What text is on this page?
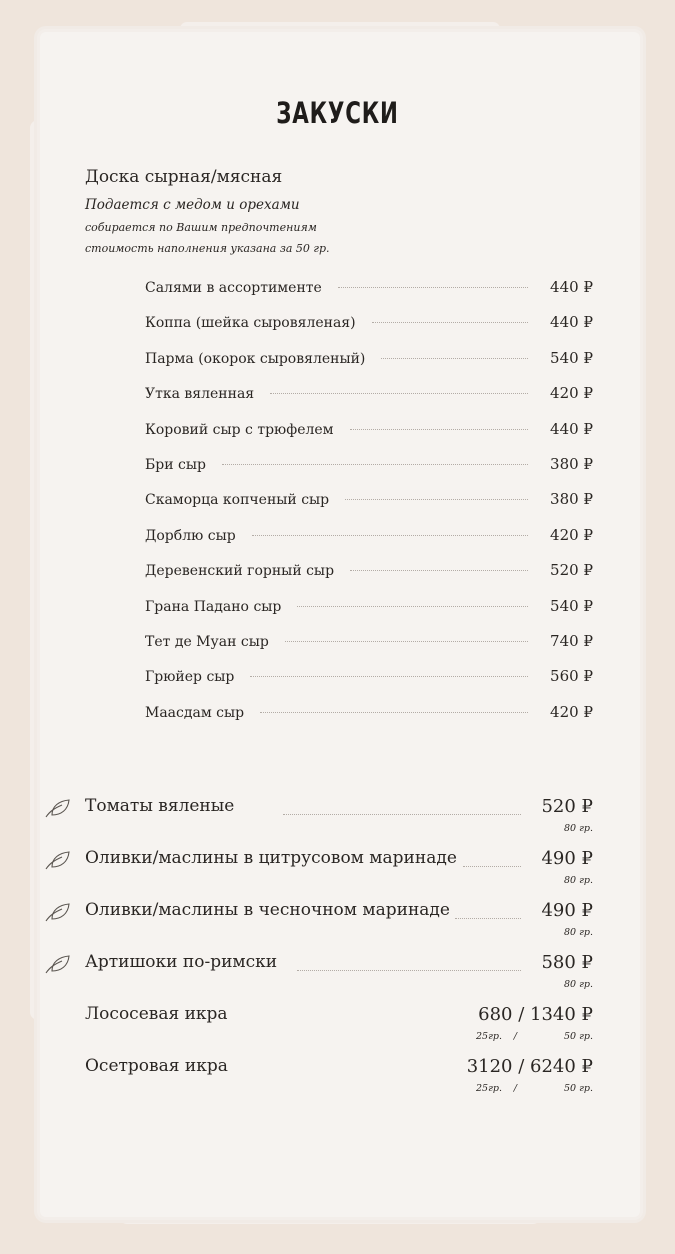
ЗАКУСКИ
Доска сырная/мясная
Подается с медом и орехами
собирается по Вашим предпочтениям
стоимость наполнения указана за 50 гр.
Салями в ассортименте	440 ₽
Коппа (шейка сыровяленая)	440 ₽
Парма (окорок сыровяленый)	540 ₽
Утка вяленная	420 ₽
Коровий сыр с трюфелем	440 ₽
Бри сыр	380 ₽
Скаморца копченый сыр	380 ₽
Дорблю сыр	420 ₽
Деревенский горный сыр	520 ₽
Грана Падано сыр	540 ₽
Тет де Муан сыр	740 ₽
Грюйер сыр	560 ₽
Маасдам сыр	420 ₽
Томаты вяленые	520 ₽
80 гр.
Оливки/маслины в цитрусовом маринаде	490 ₽
80 гр.
Оливки/маслины в чесночном маринаде	490 ₽
80 гр.
Артишоки по-римски	580 ₽
80 гр.
Лососевая икра	680 / 1340 ₽
25гр. /	50 гр.
Осетровая икра	3120 / 6240 ₽
25гр. /	50 гр.
